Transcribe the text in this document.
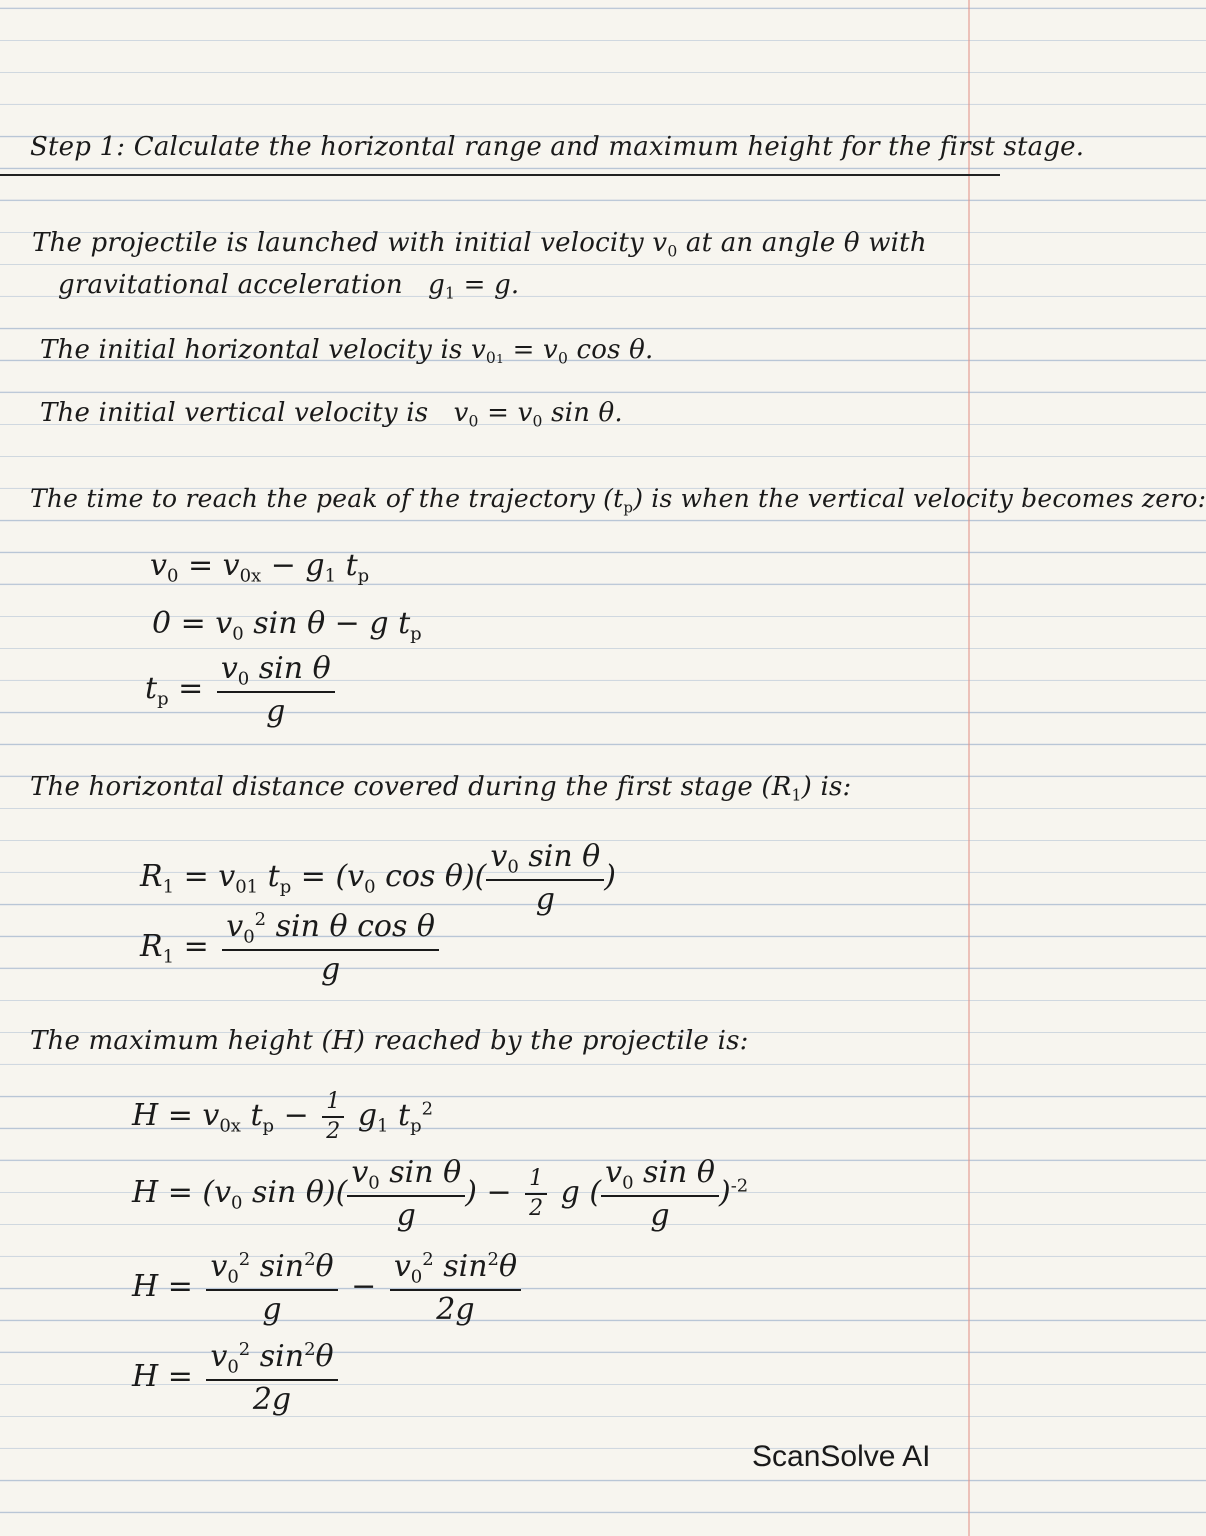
Step 1: Calculate the horizontal range and maximum height for the first stage.
The projectile is launched with initial velocity $v_0$ at an angle θ with
gravitational acceleration   $g_1 = g$.
The initial horizontal velocity is $v_{01} = v_0$ cos θ.
The initial vertical velocity is   $v_0 = v_0$ sin θ.
The time to reach the peak of the trajectory $(t_p)$ is when the vertical velocity becomes zero:
$v_0 = v_{0x} - g_1$ $t_p$
$0 = v_0$ sin θ − g $t_p$
$t_p = \frac{v_0 \sin \theta}{g}$
The horizontal distance covered during the first stage $(R_1)$ is:
$R_1 = v_{01}$ $t_p = (v_0$ $\cos \theta)( \frac{v_0 \sin \theta}{g}$ )
$R_1 = \frac{v_0^2 \sin \theta \cos \theta}{g}$
The maximum height (H) reached by the projectile is:
$H = v_{0x}$ $t_p - \frac{1}{2} g_1$ $t_p^2$
$H = (v_0$ $\sin \theta)( \frac{v_0 \sin \theta}{g}$ ) − $\frac{1}{2}$ g ( $\frac{v_0 \sin \theta}{g} )^{-2}$
$H = \frac{v_0^2 \sin^2\theta}{g} - \frac{v_0^2 \sin^2\theta}{2g}$
$H = \frac{v_0^2 \sin^2\theta}{2g}$
ScanSolve AI
